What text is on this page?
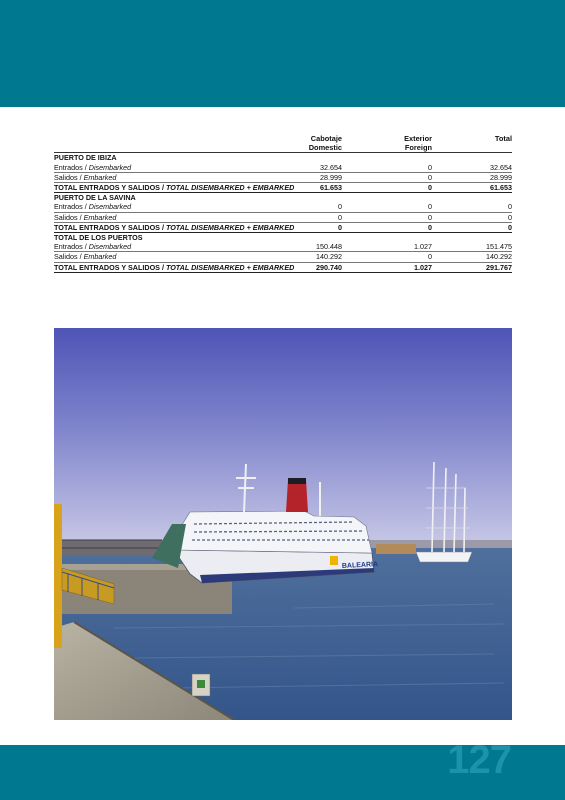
	Cabotaje	Exterior	Total
	Domestic	Foreign	
PUERTO DE IBIZA			
Entrados / Disembarked	32.654	0	32.654
Salidos / Embarked	28.999	0	28.999
TOTAL ENTRADOS Y SALIDOS / TOTAL DISEMBARKED + EMBARKED	61.653	0	61.653
PUERTO DE LA SAVINA			
Entrados / Disembarked	0	0	0
Salidos / Embarked	0	0	0
TOTAL ENTRADOS Y SALIDOS / TOTAL DISEMBARKED + EMBARKED	0	0	0
TOTAL DE LOS PUERTOS			
Entrados / Disembarked	150.448	1.027	151.475
Salidos / Embarked	140.292	0	140.292
TOTAL ENTRADOS Y SALIDOS / TOTAL DISEMBARKED + EMBARKED	290.740	1.027	291.767
BALEARIA
127
